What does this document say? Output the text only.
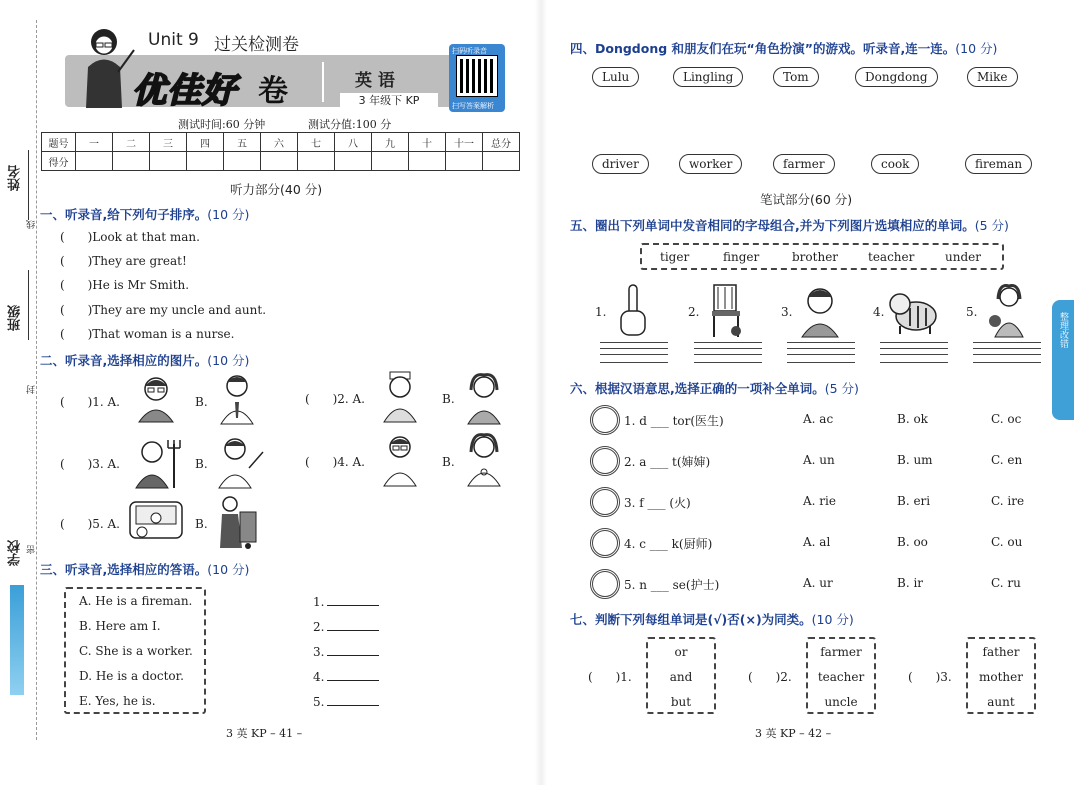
姓名
班级
学校
线
封
密
Unit 9 过关检测卷
优佳好 卷	英 语
3 年级下 KP
扫码听录音
扫写答案解析
测试时间:60 分钟	测试分值:100 分
题号	一	二	三	四	五	六	七	八	九	十	十一	总分
得分												
听力部分(40 分)
一、听录音,给下列句子排序。(10 分)
(      )Look at that man.
(      )They are great!
(      )He is Mr Smith.
(      )They are my uncle and aunt.
(      )That woman is a nurse.
二、听录音,选择相应的图片。(10 分)
(      )1. A.	B.	(      )2. A.	B.
(      )3. A.	B.	(      )4. A.	B.
(      )5. A.	B.
三、听录音,选择相应的答语。(10 分)
A. He is a fireman.
B. Here am I.
C. She is a worker.
D. He is a doctor.
E. Yes, he is.
1.
2.
3.
4.
5.
3 英 KP – 41 –
四、Dongdong 和朋友们在玩“角色扮演”的游戏。听录音,连一连。(10 分)
Lulu	Lingling	Tom	Dongdong	Mike
driver	worker	farmer	cook	fireman
笔试部分(60 分)
五、圈出下列单词中发音相同的字母组合,并为下列图片选填相应的单词。(5 分)
tiger	finger	brother teacher	under
1.	2.	3.	4.	5.
六、根据汉语意思,选择正确的一项补全单词。(5 分)
1. d ___ tor(医生)	A. ac	B. ok	C. oc
2. a ___ t(婶婶)	A. un	B. um	C. en
3. f ___ (火)	A. rie	B. eri	C. ire
4. c ___ k(厨师)	A. al	B. oo	C. ou
5. n ___ se(护士)	A. ur	B. ir	C. ru
七、判断下列每组单词是(√)否(×)为同类。(10 分)
(      )1.
or
and
but
(      )2.
farmer
teacher
uncle
(      )3.
father
mother
aunt
3 英 KP – 42 –
整理改错
